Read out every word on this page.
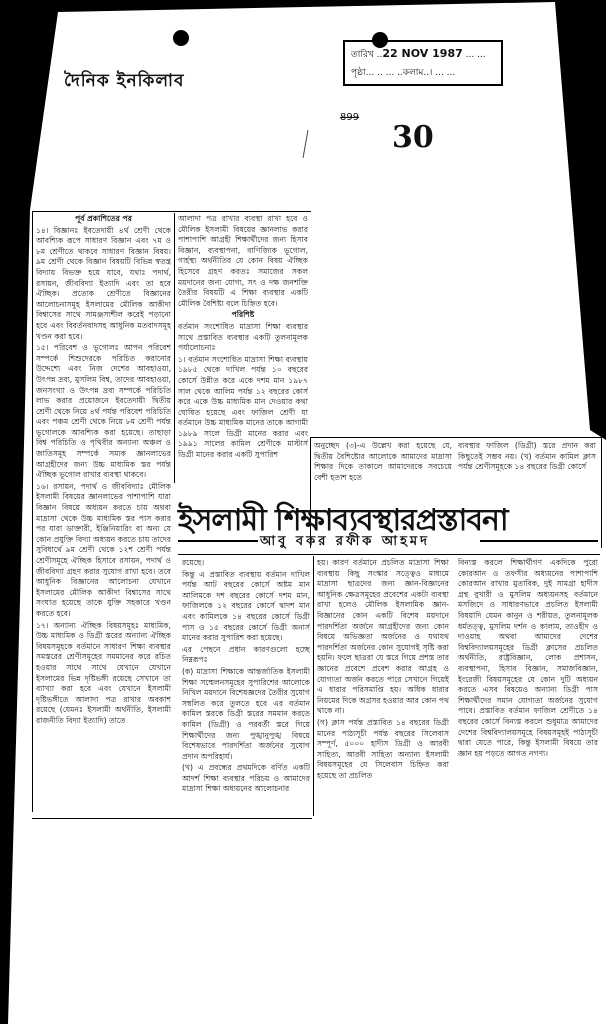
দৈনিক ইনকিলাব
তারিখ ..22 NOV 1987 ... ...
পৃষ্ঠা... .. ... ..কলাম..। ... ...
899
30

পূর্ব প্রকাশিতের পর

১৪। বিজ্ঞানঃ ইবতেদায়ী ৪র্থ শ্রেণী থেকে আবশ্যিক রূপে সাধারণ বিজ্ঞান এবং ৭ম ও ৮ম শ্রেণীতে থাকবে সাধারণ বিজ্ঞান বিষয়। ৯ম শ্রেণী থেকে বিজ্ঞান বিষয়টি বিভিন্ন স্বতন্ত্র বিদ্যায় বিভক্ত হয়ে যাবে, যথাঃ পদার্থ, রসায়ন, জীববিদ্যা ইত্যাদি এবং তা হবে ঐচ্ছিক। প্রত্যেক শ্রেণীতে বিজ্ঞানের আলোচনাসমূহ ইসলামের মৌলিক আকীদা বিশ্বাসের সাথে সামঞ্জস্যশীল করেই পড়ানো হবে এবং বিবর্তনবাদসহ আধুনিক মতবাদসমূহ খণ্ডন করা হবে।

১৫। পরিবেশ ও ভূগোলঃ আপন পরিবেশ সম্পর্কে শিশুদেরকে পরিচিত করানোর উদ্দেশ্যে এবং নিজ দেশের আবহাওয়া, উৎপন্ন দ্রব্য, মুসলিম বিশ্ব, তাদের আবহাওয়া, জনসংখ্যা ও উৎপন্ন দ্রব্য সম্পর্কে পরিচিতি লাভ করার প্রয়োজনে ইবতেদায়ী দ্বিতীয় শ্রেণী থেকে নিয়ে ৪র্থ পর্যন্ত পরিবেশ পরিচিতি এবং পঞ্চম শ্রেণী থেকে নিয়ে ৮ম শ্রেণী পর্যন্ত ভূগোলকে আবশ্যিক করা হয়েছে। তাছাড়া বিশ্ব পরিচিতি ও পৃথিবীর অন্যান্য অঞ্চল ও জাতিসমূহ সম্পর্কে সম্যক জ্ঞানলাভের আগ্রহীদের জন্য উচ্চ মাধ্যমিক স্তর পর্যন্ত ঐচ্ছিক ভূগোল রাখার ব্যবস্থা থাকবে।

১৬। রসায়ন, পদার্থ ও জীববিদ্যাঃ মৌলিক ইসলামী বিষয়ের জ্ঞানলাভের পাশাপাশি যারা বিজ্ঞান বিষয়ে অধ্যয়ন করতে চায় অথবা মাদ্রাসা থেকে উচ্চ মাধ্যমিক স্তর পাস করার পর যারা ডাক্তারী, ইঞ্জিনিয়ারিং বা অন্য যে কোন প্রযুক্তি বিদ্যা অধ্যয়ন করতে চায় তাদের সুবিধার্থে ৯ম শ্রেণী থেকে ১২শ শ্রেণী পর্যন্ত শ্রেণীসমূহে ঐচ্ছিক হিসাবে রসায়ন, পদার্থ ও জীববিদ্যা গ্রহণ করার সুযোগ রাখা হবে। তবে আধুনিক বিজ্ঞানের আলোচনা যেখানে ইসলামের মৌলিক আকীদা বিশ্বাসের সাথে সংঘাত হয়েছে তাকে যুক্তি সহকারে খণ্ডন করতে হবে।

১৭। অন্যান্য ঐচ্ছিক বিষয়সমূহঃ মাধ্যমিক, উচ্চ মাধ্যমিক ও ডিগ্রী স্তরের অন্যান্য ঐচ্ছিক বিষয়সমূহকে বর্তমানে সাধারণ শিক্ষা ব্যবস্থার সমস্তরের শ্রেণীসমূহের সমমানের করে রচিত হওয়ার সাথে সাথে যেখানে যেখানে ইসলামের ভিন্ন দৃষ্টিভঙ্গী রয়েছে সেখানে তা ব্যাখ্যা করা হবে এবং যেখানে ইসলামী দৃষ্টিভঙ্গীতে আলাদা পত্র রাখার অবকাশ রয়েছে (যেমনঃ ইসলামী অর্থনীতি, ইসলামী রাজনীতি বিদ্যা ইত্যাদি) তাতে

আলাদা পত্র রাখার ব্যবস্থা রাখা হবে ও মৌলিক ইসলামী বিষয়ের জ্ঞানলাভ করার পাশাপাশি আগ্রহী শিক্ষার্থীদের জন্য হিসাব বিজ্ঞান, ব্যবস্থাপনা, বাণিজ্যিক ভূগোল, গার্হস্থ্য অর্থনীতির যে কোন বিষয় ঐচ্ছিক হিসেবে গ্রহণ করতঃ সমাজের সকল ময়দানের জন্য যোগ্য, সৎ ও দক্ষ জনশক্তি তৈরীর বিষয়টি এ শিক্ষা ব্যবস্থার একটি মৌলিক বৈশিষ্ট্য বলে চিহ্নিত হবে।

পরিশিষ্ট

বর্তমান সংশোধিত মাদ্রাসা শিক্ষা ব্যবস্থার সাথে প্রস্তাবিত ব্যবস্থার একটি তুলনামূলক পর্যালোচনাঃ

১। বর্তমান সংশোধিত মাদ্রাসা শিক্ষা ব্যবস্থায় ১৯৮৫ থেকে দাখিল পর্যন্ত ১০ বছরের কোর্সে উন্নীত করে একে দশম মান ১৯৮৭ সাল থেকে আলিম পর্যন্ত ১২ বছরের কোর্স করে একে উচ্চ মাধ্যমিক মান দেওয়ার কথা ঘোষিত হয়েছে এবং ফাজিল শ্রেণী যা বর্তমানে উচ্চ মাধ্যমিক মানের তাকে আগামী ১৯৮৯ সালে ডিগ্রী মানের করার এবং ১৯৯১ সালের কামিল শ্রেণীকে মাস্টার্স ডিগ্রী মানের করার একটি সুপারিশ

অনুচ্ছেদ (৩)-এ উল্লেখ করা হয়েছে যে, দ্বিতীয় বৈশিষ্ট্যের আলোকে আমাদের মাদ্রাসা শিক্ষার দিকে তাকালে আমাদেরকে সবচেয়ে বেশী হতাশ হতে

ব্যবস্থার ফাজিল (ডিগ্রী) স্তরে প্রদান করা কিছুতেই সম্ভব নয়। (খ) বর্তমান কামিল ক্লাস পর্যন্ত শ্রেণীসমূহকে ১৪ বছরের ডিগ্রী কোর্সে

ইসলামী শিক্ষাব্যবস্থারপ্রস্তাবনা
আবু বকর রফীক আহমদ

রয়েছে।

কিন্তু এ প্রস্তাবিত ব্যবস্থায় বর্তমান দাখিল পর্যন্ত আট বছরের কোর্সে অষ্টম মান আলিমকে দশ বছরের কোর্সে দশম মান, ফাজিলকে ১২ বছরের কোর্সে দ্বাদশ মান এবং কামিলকে ১৪ বছরের কোর্সে ডিগ্রী পাস ও ১৫ বছরের কোর্সে ডিগ্রী অনার্স মানের করার সুপারিশ করা হয়েছে।

এর পেছনে প্রধান কারণগুলো হচ্ছে নিম্নরূপঃ

(ক) মাদ্রাসা শিক্ষাকে আন্তর্জাতিক ইসলামী শিক্ষা সম্মেলনসমূহের সুপারিশের আলোকে নিখিল ময়দানে বিশেষজ্ঞদের তৈরীর সুযোগ সম্বলিত করে তুলতে হবে এর বর্তমান কামিল স্তরকে ডিগ্রী স্তরের সমমান করতে কামিল (ডিগ্রী) ও পরবর্তী স্তরে গিয়ে শিক্ষার্থীদের জন্য পুঙ্খানুপুঙ্খ বিষয়ে বিশেষভাবে পারদর্শিতা অর্জনের সুযোগ প্রদান অপরিহার্য।

(খ) এ প্রবন্ধের প্রথমদিকে বর্ণিত একটি আদর্শ শিক্ষা ব্যবস্থার পরিচয় ও আমাদের মাদ্রাসা শিক্ষা অধ্যয়নের আলোচনার

হয়। কারণ বর্তমানে প্রচলিত মাদ্রাসা শিক্ষা ব্যবস্থায় কিছু সংস্কার সত্ত্বেও মাধ্যমে মাদ্রাসা ছাত্রদের জন্য জ্ঞান-বিজ্ঞানের আধুনিক ক্ষেত্রসমূহের প্রবেশের একটা ব্যবস্থা রাখা হলেও মৌলিক ইসলামিক জ্ঞান-বিজ্ঞানের কোন একটি বিশেষ ময়দানে পারদর্শিতা অর্জনে আগ্রহীদের জন্য কোন বিষয়ে অভিজ্ঞতা অর্জনের ও যথাযথ পারদর্শিতা অর্জনের কোন সুযোগই সৃষ্টি করা হয়নি। ফলে ছাত্ররা যে স্তরে গিয়ে প্রশস্ত তার জ্ঞানের প্রবেশে প্রবেশ করার আগ্রহ ও যোগ্যতা অর্জন করতে পারে সেখানে গিয়েই এ ধারার পরিসমাপ্তি হয়। অধিক ধারার নিয়মের দিকে অগ্রসর হওয়ার আর কোন পথ থাকে না।

(গ) ক্লাস পর্যন্ত প্রস্তাবিত ১৪ বছরের ডিগ্রী মানের পাঠ্যসূচী পর্যন্ত বছরের সিলেবাস সম্পূর্ণ, ৫০০০ হাদীস ডিগ্রী ও আরবী সাহিত্য, আরবী সাহিত্য অন্যান্য ইসলামী বিষয়সমূহের যে সিলেবাস চিহ্নিত করা হয়েছে তা প্রচলিত

বিন্যস্ত করলে শিক্ষার্থীগণ একদিকে পুরো কোরআন ও তফসীর অধ্যয়নের পাশাপাশি কোরআন রাখার মুতাবিক, দুই সামগ্রা হাদীস গ্রন্থ বুখারী ও মুসলিম অধ্যয়নসহ বর্তমানে মসজিদে ও সাধারণভাবে প্রচলিত ইসলামী বিষয়াদি যেমন কানুন ও শরীয়ত, তুলনামূলক ধর্মতত্ত্ব, মুসলিম দর্শন ও কালাম, তাওহীদ ও দাওয়াহ অথবা আমাদের দেশের বিশ্ববিদ্যালয়সমূহের ডিগ্রী ক্লাসের প্রচলিত অর্থনীতি, রাষ্ট্রবিজ্ঞান, লোক প্রশাসন, ব্যবস্থাপনা, হিসাব বিজ্ঞান, সমাজবিজ্ঞান, ইংরেজী বিষয়সমূহের যে কোন দুটি অধ্যয়ন করতে এসব বিষয়েও অন্যান্য ডিগ্রী পাস শিক্ষার্থীদের সমান যোগ্যতা অর্জনের সুযোগ পাবে। প্রস্তাবিত বর্তমান ফাজিল শ্রেণীতে ১৪ বছরের কোর্সে বিন্যস্ত করলে শুধুমাত্র আমাদের দেশের বিশ্ববিদ্যালয়সমূহে বিষয়সমূহই পাঠ্যসূচী দ্বারা যেতে পারে, কিন্তু ইসলামী বিষয়ে তার জ্ঞান হয় পড়তে আগত নগণ্য।
